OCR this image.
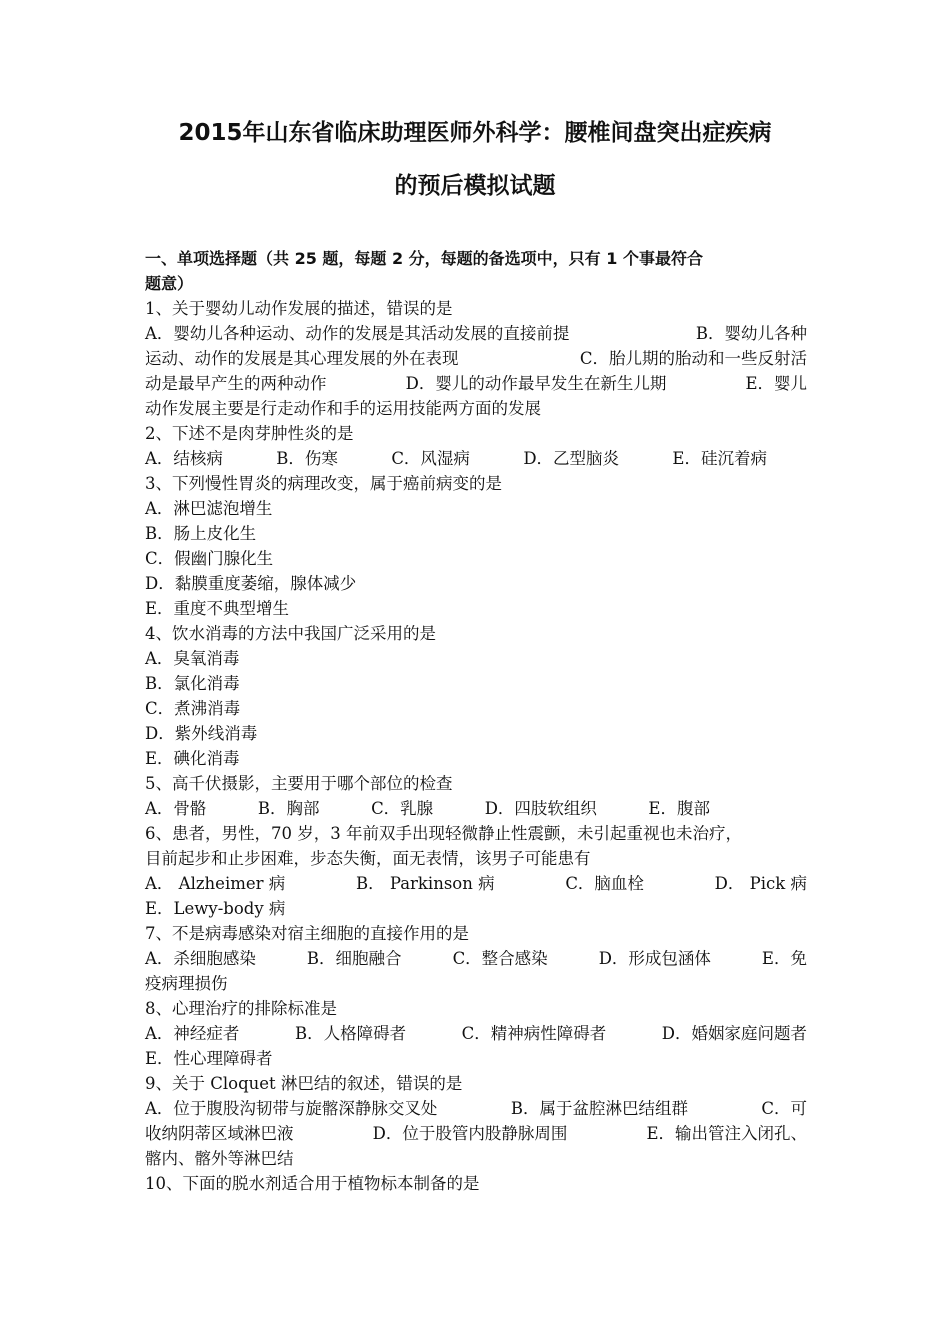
2015年山东省临床助理医师外科学：腰椎间盘突出症疾病
的预后模拟试题
一、单项选择题（共 25 题，每题 2 分，每题的备选项中，只有 1 个事最符合
题意）
1、关于婴幼儿动作发展的描述，错误的是
A．婴幼儿各种运动、动作的发展是其活动发展的直接前提	B．婴幼儿各种
运动、动作的发展是其心理发展的外在表现	C．胎儿期的胎动和一些反射活
动是最早产生的两种动作	D．婴儿的动作最早发生在新生儿期	E．婴儿
动作发展主要是行走动作和手的运用技能两方面的发展
2、下述不是肉芽肿性炎的是
A．结核病	B．伤寒	C．风湿病	D．乙型脑炎	E．硅沉着病
3、下列慢性胃炎的病理改变，属于癌前病变的是
A．淋巴滤泡增生
B．肠上皮化生
C．假幽门腺化生
D．黏膜重度萎缩，腺体减少
E．重度不典型增生
4、饮水消毒的方法中我国广泛采用的是
A．臭氧消毒
B．氯化消毒
C．煮沸消毒
D．紫外线消毒
E．碘化消毒
5、高千伏摄影，主要用于哪个部位的检查
A．骨骼	B．胸部	C．乳腺	D．四肢软组织	E．腹部
6、患者，男性，70 岁，3 年前双手出现轻微静止性震颤，未引起重视也未治疗，
目前起步和止步困难，步态失衡，面无表情，该男子可能患有
A． Alzheimer 病	B． Parkinson 病	C．脑血栓	D． Pick 病
E．Lewy-body 病
7、不是病毒感染对宿主细胞的直接作用的是
A．杀细胞感染	B．细胞融合	C．整合感染	D．形成包涵体	E．免
疫病理损伤
8、心理治疗的排除标准是
A．神经症者	B．人格障碍者	C．精神病性障碍者	D．婚姻家庭问题者
E．性心理障碍者
9、关于 Cloquet 淋巴结的叙述，错误的是
A．位于腹股沟韧带与旋髂深静脉交叉处	B．属于盆腔淋巴结组群	C．可
收纳阴蒂区域淋巴液	D．位于股管内股静脉周围	E．输出管注入闭孔、
髂内、髂外等淋巴结
10、下面的脱水剂适合用于植物标本制备的是
